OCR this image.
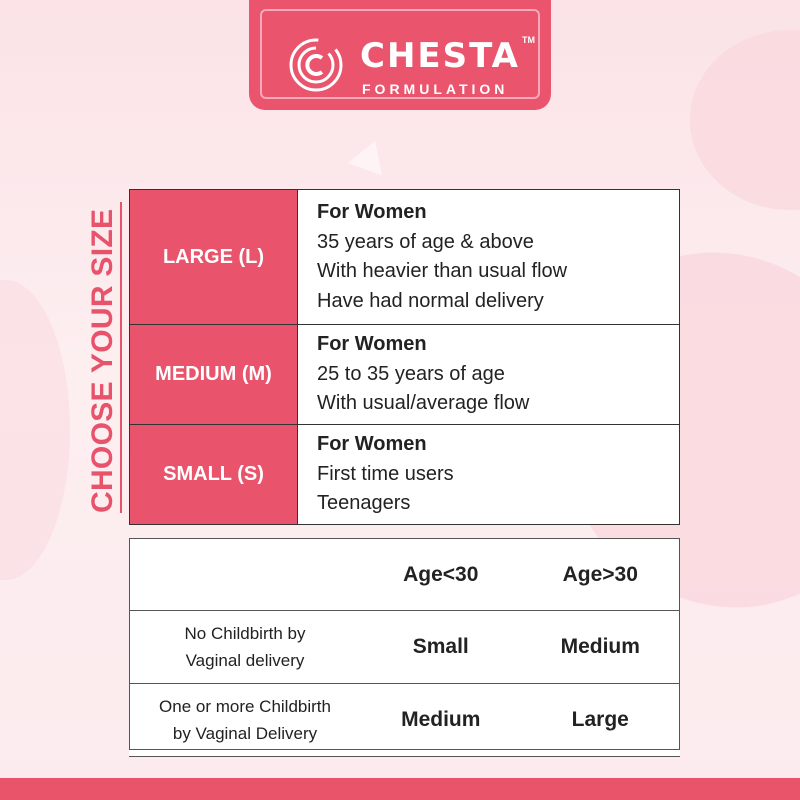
CHESTA TM
FORMULATION
CHOOSE YOUR SIZE LARGE (L)	For Women
35 years of age & above
With heavier than usual flow
Have had normal delivery

MEDIUM (M)	For Women
25 to 35 years of age
With usual/average flow

SMALL (S)	For Women
First time users
Teenagers
	Age<30	Age>30

No Childbirth by
Vaginal delivery	Small	Medium

One or more Childbirth
by Vaginal Delivery	Medium	Large
